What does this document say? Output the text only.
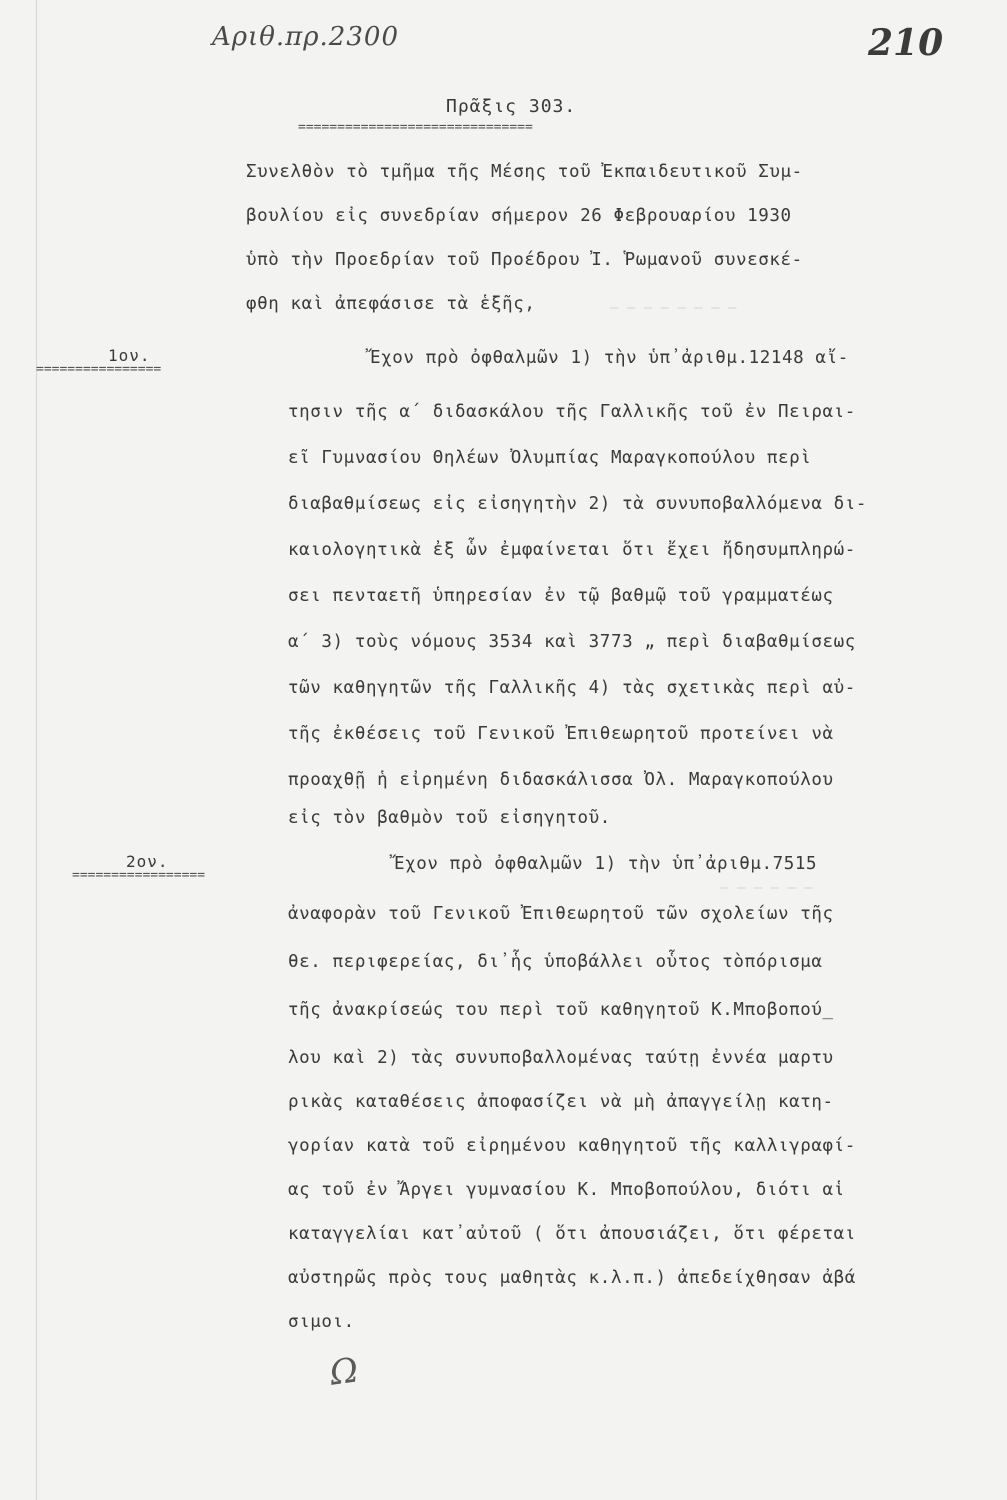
— — — — — — — —
— — — — — —
Αριθ.πρ.2300	210
Πρᾶξις 303.
==============================
Συνελθὸν τὸ τμῆμα τῆς Μέσης τοῦ Ἐκπαιδευτικοῦ Συμ-
βουλίου εἰς συνεδρίαν σήμερον 26 Φεβρουαρίου 1930
ὑπὸ τὴν Προεδρίαν τοῦ Προέδρου Ἰ. Ῥωμανοῦ συνεσκέ-
φθη καὶ ἀπεφάσισε τὰ ἑξῆς,
1ον.
================
Ἔχον πρὸ ὀφθαλμῶν 1) τὴν ὑπ᾿ἀριθμ.12148 αἴ-
τησιν τῆς α΄ διδασκάλου τῆς Γαλλικῆς τοῦ ἐν Πειραι-
εῖ Γυμνασίου Θηλέων Ὀλυμπίας Μαραγκοπούλου περὶ
διαβαθμίσεως εἰς εἰσηγητὴν 2) τὰ συνυποβαλλόμενα δι-
καιολογητικὰ ἐξ ὧν ἐμφαίνεται ὅτι ἔχει ἤδησυμπληρώ-
σει πενταετῆ ὑπηρεσίαν ἐν τῷ βαθμῷ τοῦ γραμματέως
α΄ 3) τοὺς νόμους 3534 καὶ 3773 „ περὶ διαβαθμίσεως
τῶν καθηγητῶν τῆς Γαλλικῆς 4) τὰς σχετικὰς περὶ αὐ-
τῆς ἐκθέσεις τοῦ Γενικοῦ Ἐπιθεωρητοῦ προτείνει νὰ
προαχθῇ ἡ εἰρημένη διδασκάλισσα Ὀλ. Μαραγκοπούλου
εἰς τὸν βαθμὸν τοῦ εἰσηγητοῦ.
2ον.
=================
Ἔχον πρὸ ὀφθαλμῶν 1) τὴν ὑπ᾿ἀριθμ.7515
ἀναφορὰν τοῦ Γενικοῦ Ἐπιθεωρητοῦ τῶν σχολείων τῆς
θε. περιφερείας, δι᾿ἧς ὑποβάλλει οὗτος τὸπόρισμα
τῆς ἀνακρίσεώς του περὶ τοῦ καθηγητοῦ Κ.Μποβοπού_
λου καὶ 2) τὰς συνυποβαλλομένας ταύτῃ ἐννέα μαρτυ
ρικὰς καταθέσεις ἀποφασίζει νὰ μὴ ἀπαγγείλῃ κατη-
γορίαν κατὰ τοῦ εἰρημένου καθηγητοῦ τῆς καλλιγραφί-
ας τοῦ ἐν Ἄργει γυμνασίου Κ. Μποβοπούλου, διότι αἱ
καταγγελίαι κατ᾿αὐτοῦ ( ὅτι ἀπουσιάζει, ὅτι φέρεται
αὐστηρῶς πρὸς τους μαθητὰς κ.λ.π.) ἀπεδείχθησαν ἀβά
σιμοι.
Ω
